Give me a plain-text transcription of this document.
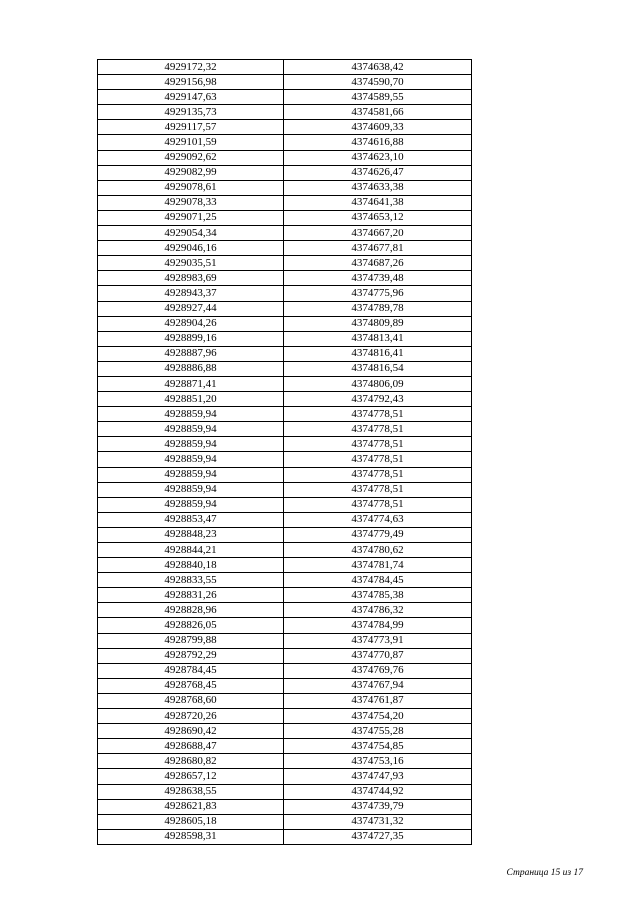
4929172,32	4374638,42
4929156,98	4374590,70
4929147,63	4374589,55
4929135,73	4374581,66
4929117,57	4374609,33
4929101,59	4374616,88
4929092,62	4374623,10
4929082,99	4374626,47
4929078,61	4374633,38
4929078,33	4374641,38
4929071,25	4374653,12
4929054,34	4374667,20
4929046,16	4374677,81
4929035,51	4374687,26
4928983,69	4374739,48
4928943,37	4374775,96
4928927,44	4374789,78
4928904,26	4374809,89
4928899,16	4374813,41
4928887,96	4374816,41
4928886,88	4374816,54
4928871,41	4374806,09
4928851,20	4374792,43
4928859,94	4374778,51
4928859,94	4374778,51
4928859,94	4374778,51
4928859,94	4374778,51
4928859,94	4374778,51
4928859,94	4374778,51
4928859,94	4374778,51
4928853,47	4374774,63
4928848,23	4374779,49
4928844,21	4374780,62
4928840,18	4374781,74
4928833,55	4374784,45
4928831,26	4374785,38
4928828,96	4374786,32
4928826,05	4374784,99
4928799,88	4374773,91
4928792,29	4374770,87
4928784,45	4374769,76
4928768,45	4374767,94
4928768,60	4374761,87
4928720,26	4374754,20
4928690,42	4374755,28
4928688,47	4374754,85
4928680,82	4374753,16
4928657,12	4374747,93
4928638,55	4374744,92
4928621,83	4374739,79
4928605,18	4374731,32
4928598,31	4374727,35
Страница 15 из 17
